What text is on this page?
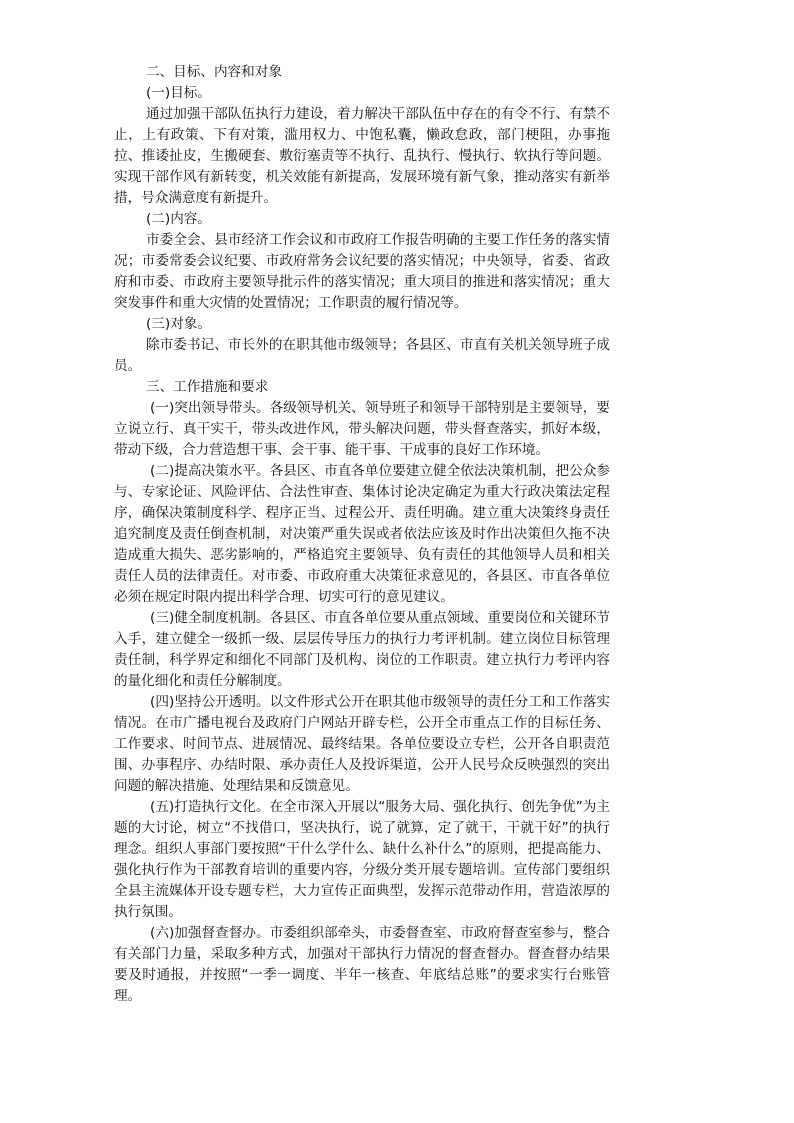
二、目标、内容和对象

(一)目标。

通过加强干部队伍执行力建设，着力解决干部队伍中存在的有令不行、有禁不止，上有政策、下有对策，滥用权力、中饱私囊，懒政怠政，部门梗阻，办事拖拉、推诿扯皮，生搬硬套、敷衍塞责等不执行、乱执行、慢执行、软执行等问题。实现干部作风有新转变，机关效能有新提高，发展环境有新气象，推动落实有新举措，号众满意度有新提升。

(二)内容。

市委全会、县市经济工作会议和市政府工作报告明确的主要工作任务的落实情况；市委常委会议纪要、市政府常务会议纪要的落实情况；中央领导，省委、省政府和市委、市政府主要领导批示件的落实情况；重大项目的推进和落实情况；重大突发事件和重大灾情的处置情况；工作职责的履行情况等。

(三)对象。

除市委书记、市长外的在职其他市级领导；各县区、市直有关机关领导班子成员。

三、工作措施和要求

(一)突出领导带头。各级领导机关、领导班子和领导干部特别是主要领导，要立说立行、真干实干，带头改进作风，带头解决问题，带头督查落实，抓好本级，带动下级，合力营造想干事、会干事、能干事、干成事的良好工作环境。

(二)提高决策水平。各县区、市直各单位要建立健全依法决策机制，把公众参与、专家论证、风险评估、合法性审查、集体讨论决定确定为重大行政决策法定程序，确保决策制度科学、程序正当、过程公开、责任明确。建立重大决策终身责任追究制度及责任倒查机制，对决策严重失误或者依法应该及时作出决策但久拖不决造成重大损失、恶劣影响的，严格追究主要领导、负有责任的其他领导人员和相关责任人员的法律责任。对市委、市政府重大决策征求意见的，各县区、市直各单位必须在规定时限内提出科学合理、切实可行的意见建议。

(三)健全制度机制。各县区、市直各单位要从重点领域、重要岗位和关键环节入手，建立健全一级抓一级、层层传导压力的执行力考评机制。建立岗位目标管理责任制，科学界定和细化不同部门及机构、岗位的工作职责。建立执行力考评内容的量化细化和责任分解制度。

(四)坚持公开透明。以文件形式公开在职其他市级领导的责任分工和工作落实情况。在市广播电视台及政府门户网站开辟专栏，公开全市重点工作的目标任务、工作要求、时间节点、进展情况、最终结果。各单位要设立专栏，公开各自职责范围、办事程序、办结时限、承办责任人及投诉渠道，公开人民号众反映强烈的突出问题的解决措施、处理结果和反馈意见。

(五)打造执行文化。在全市深入开展以“服务大局、强化执行、创先争优”为主题的大讨论，树立“不找借口，坚决执行，说了就算，定了就干，干就干好”的执行理念。组织人事部门要按照“干什么学什么、缺什么补什么”的原则，把提高能力、强化执行作为干部教育培训的重要内容，分级分类开展专题培训。宣传部门要组织全县主流媒体开设专题专栏，大力宣传正面典型，发挥示范带动作用，营造浓厚的执行氛围。

(六)加强督查督办。市委组织部牵头，市委督查室、市政府督查室参与，整合有关部门力量，采取多种方式，加强对干部执行力情况的督查督办。督查督办结果要及时通报，并按照“一季一调度、半年一核查、年底结总账”的要求实行台账管理。
